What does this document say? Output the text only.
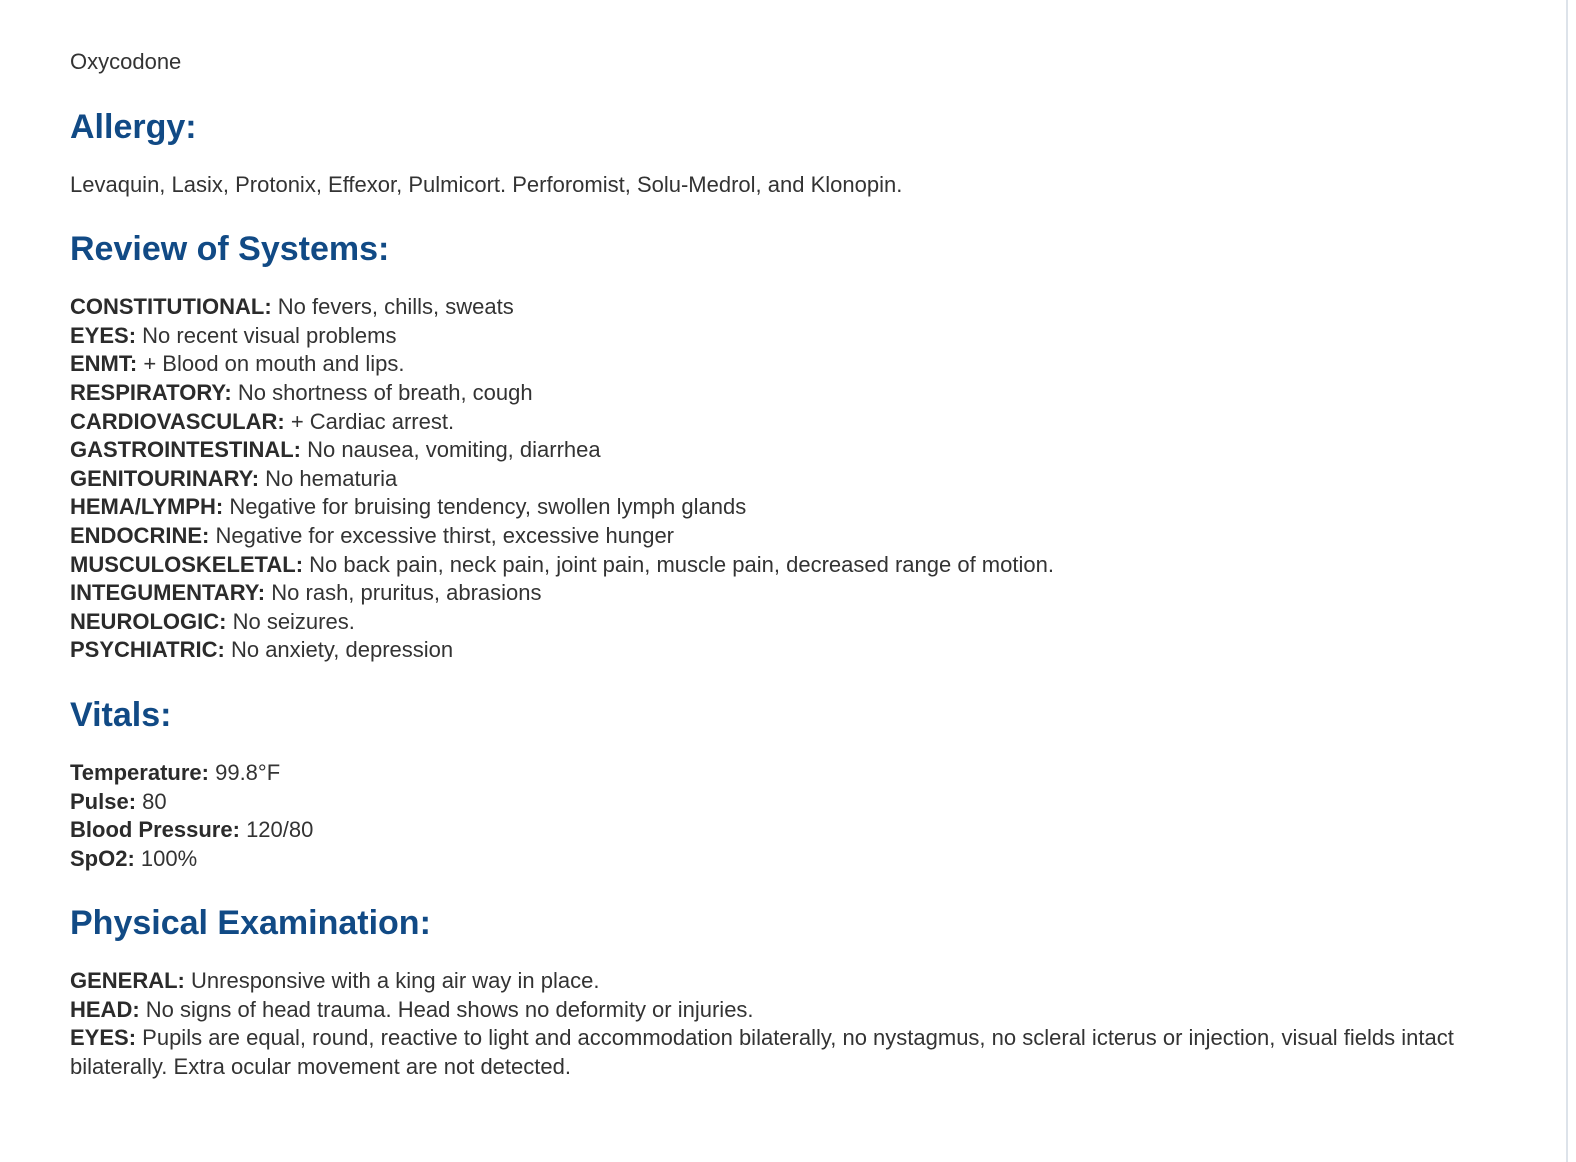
Oxycodone

Allergy:

Levaquin, Lasix, Protonix, Effexor, Pulmicort. Perforomist, Solu-Medrol, and Klonopin.

Review of Systems:

CONSTITUTIONAL: No fevers, chills, sweats

EYES: No recent visual problems

ENMT: + Blood on mouth and lips.

RESPIRATORY: No shortness of breath, cough

CARDIOVASCULAR: + Cardiac arrest.

GASTROINTESTINAL: No nausea, vomiting, diarrhea

GENITOURINARY: No hematuria

HEMA/LYMPH: Negative for bruising tendency, swollen lymph glands

ENDOCRINE: Negative for excessive thirst, excessive hunger

MUSCULOSKELETAL: No back pain, neck pain, joint pain, muscle pain, decreased range of motion.

INTEGUMENTARY: No rash, pruritus, abrasions

NEUROLOGIC: No seizures.

PSYCHIATRIC: No anxiety, depression

Vitals:

Temperature: 99.8°F

Pulse: 80

Blood Pressure: 120/80

SpO2: 100%

Physical Examination:

GENERAL: Unresponsive with a king air way in place.

HEAD: No signs of head trauma. Head shows no deformity or injuries.

EYES: Pupils are equal, round, reactive to light and accommodation bilaterally, no nystagmus, no scleral icterus or injection, visual fields intact bilaterally. Extra ocular movement are not detected.
